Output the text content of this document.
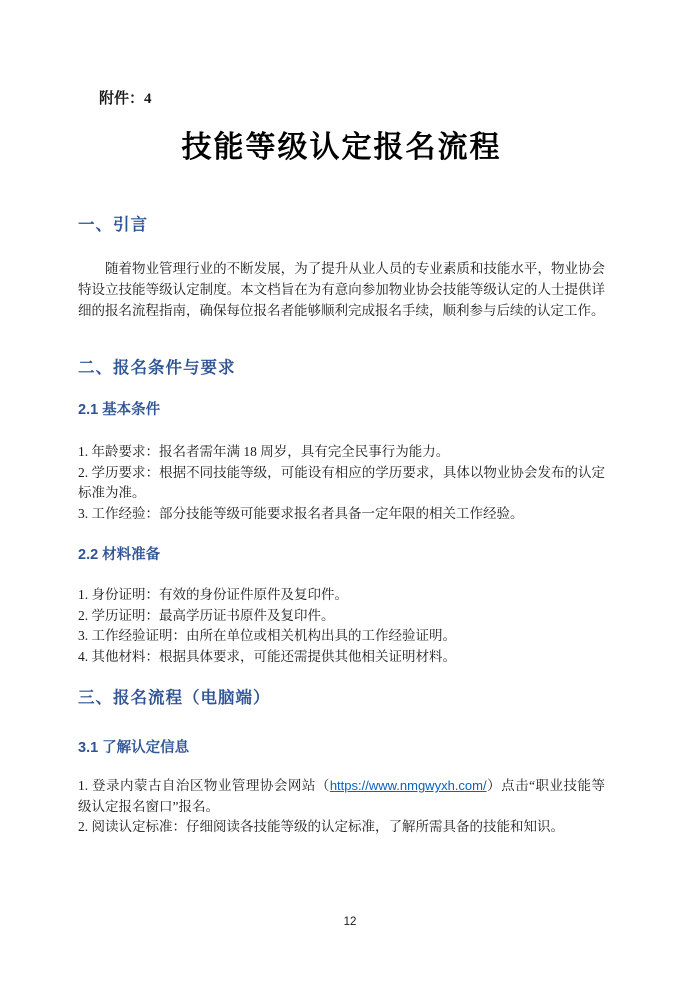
附件：4
技能等级认定报名流程
一、引言

随着物业管理行业的不断发展，为了提升从业人员的专业素质和技能水平，物业协会特设立技能等级认定制度。本文档旨在为有意向参加物业协会技能等级认定的人士提供详细的报名流程指南，确保每位报名者能够顺利完成报名手续，顺利参与后续的认定工作。

二、报名条件与要求
2.1 基本条件

1. 年龄要求：报名者需年满 18 周岁，具有完全民事行为能力。

2. 学历要求：根据不同技能等级，可能设有相应的学历要求，具体以物业协会发布的认定标准为准。

3. 工作经验：部分技能等级可能要求报名者具备一定年限的相关工作经验。

2.2 材料准备

1. 身份证明：有效的身份证件原件及复印件。

2. 学历证明：最高学历证书原件及复印件。

3. 工作经验证明：由所在单位或相关机构出具的工作经验证明。

4. 其他材料：根据具体要求，可能还需提供其他相关证明材料。

三、报名流程（电脑端）
3.1 了解认定信息

1. 登录内蒙古自治区物业管理协会网站（https://www.nmgwyxh.com/）点击“职业技能等级认定报名窗口”报名。

2. 阅读认定标准：仔细阅读各技能等级的认定标准，了解所需具备的技能和知识。

12
